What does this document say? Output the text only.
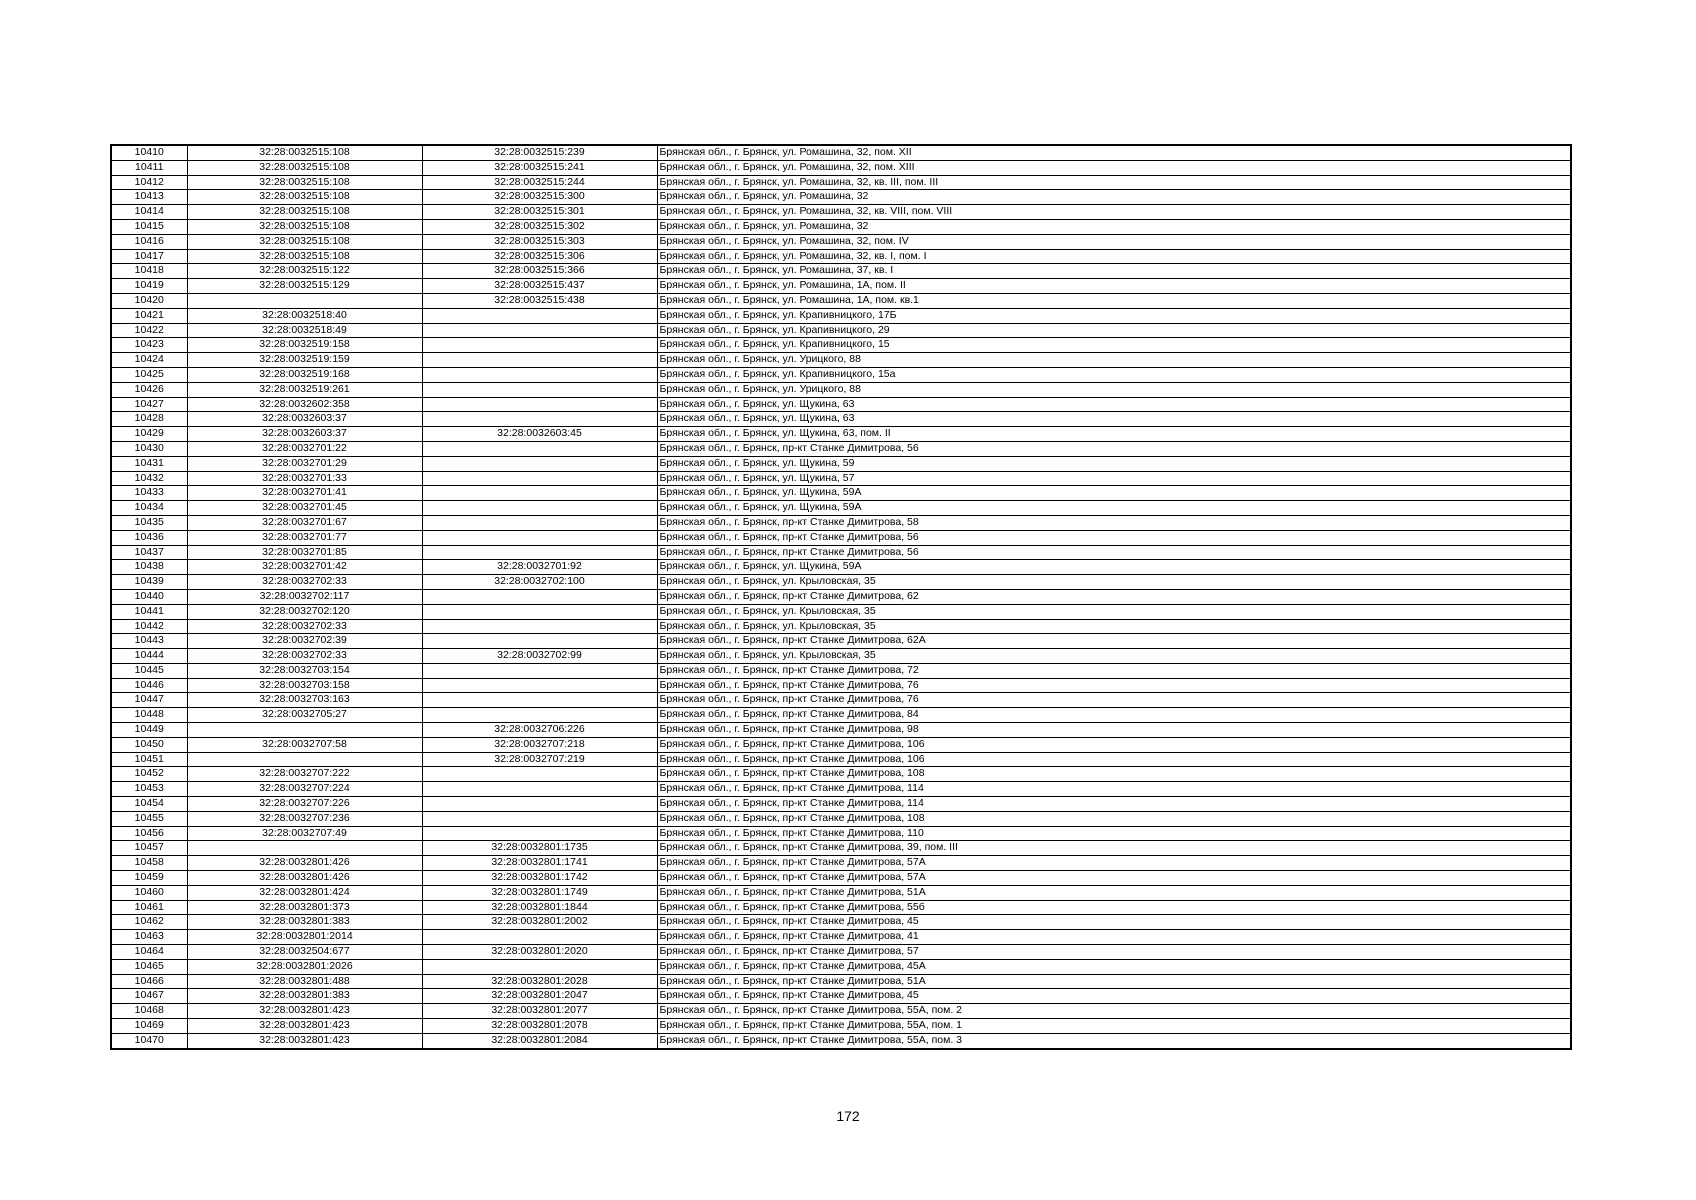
10410	32:28:0032515:108	32:28:0032515:239	Брянская обл., г. Брянск, ул. Ромашина, 32, пом. XII
10411	32:28:0032515:108	32:28:0032515:241	Брянская обл., г. Брянск, ул. Ромашина, 32, пом. XIII
10412	32:28:0032515:108	32:28:0032515:244	Брянская обл., г. Брянск, ул. Ромашина, 32, кв. III, пом. III
10413	32:28:0032515:108	32:28:0032515:300	Брянская обл., г. Брянск, ул. Ромашина, 32
10414	32:28:0032515:108	32:28:0032515:301	Брянская обл., г. Брянск, ул. Ромашина, 32, кв. VIII, пом. VIII
10415	32:28:0032515:108	32:28:0032515:302	Брянская обл., г. Брянск, ул. Ромашина, 32
10416	32:28:0032515:108	32:28:0032515:303	Брянская обл., г. Брянск, ул. Ромашина, 32, пом. IV
10417	32:28:0032515:108	32:28:0032515:306	Брянская обл., г. Брянск, ул. Ромашина, 32, кв. I, пом. I
10418	32:28:0032515:122	32:28:0032515:366	Брянская обл., г. Брянск, ул. Ромашина, 37, кв. I
10419	32:28:0032515:129	32:28:0032515:437	Брянская обл., г. Брянск, ул. Ромашина, 1А, пом. II
10420		32:28:0032515:438	Брянская обл., г. Брянск, ул. Ромашина, 1А, пом. кв.1
10421	32:28:0032518:40		Брянская обл., г. Брянск, ул. Крапивницкого, 17Б
10422	32:28:0032518:49		Брянская обл., г. Брянск, ул. Крапивницкого, 29
10423	32:28:0032519:158		Брянская обл., г. Брянск, ул. Крапивницкого, 15
10424	32:28:0032519:159		Брянская обл., г. Брянск, ул. Урицкого, 88
10425	32:28:0032519:168		Брянская обл., г. Брянск, ул. Крапивницкого, 15а
10426	32:28:0032519:261		Брянская обл., г. Брянск, ул. Урицкого, 88
10427	32:28:0032602:358		Брянская обл., г. Брянск, ул. Щукина, 63
10428	32:28:0032603:37		Брянская обл., г. Брянск, ул. Щукина, 63
10429	32:28:0032603:37	32:28:0032603:45	Брянская обл., г. Брянск, ул. Щукина, 63, пом. II
10430	32:28:0032701:22		Брянская обл., г. Брянск, пр-кт Станке Димитрова, 56
10431	32:28:0032701:29		Брянская обл., г. Брянск, ул. Щукина, 59
10432	32:28:0032701:33		Брянская обл., г. Брянск, ул. Щукина, 57
10433	32:28:0032701:41		Брянская обл., г. Брянск, ул. Щукина, 59А
10434	32:28:0032701:45		Брянская обл., г. Брянск, ул. Щукина, 59А
10435	32:28:0032701:67		Брянская обл., г. Брянск, пр-кт Станке Димитрова, 58
10436	32:28:0032701:77		Брянская обл., г. Брянск, пр-кт Станке Димитрова, 56
10437	32:28:0032701:85		Брянская обл., г. Брянск, пр-кт Станке Димитрова, 56
10438	32:28:0032701:42	32:28:0032701:92	Брянская обл., г. Брянск, ул. Щукина, 59А
10439	32:28:0032702:33	32:28:0032702:100	Брянская обл., г. Брянск, ул. Крыловская, 35
10440	32:28:0032702:117		Брянская обл., г. Брянск, пр-кт Станке Димитрова, 62
10441	32:28:0032702:120		Брянская обл., г. Брянск, ул. Крыловская, 35
10442	32:28:0032702:33		Брянская обл., г. Брянск, ул. Крыловская, 35
10443	32:28:0032702:39		Брянская обл., г. Брянск, пр-кт Станке Димитрова, 62А
10444	32:28:0032702:33	32:28:0032702:99	Брянская обл., г. Брянск, ул. Крыловская, 35
10445	32:28:0032703:154		Брянская обл., г. Брянск, пр-кт Станке Димитрова, 72
10446	32:28:0032703:158		Брянская обл., г. Брянск, пр-кт Станке Димитрова, 76
10447	32:28:0032703:163		Брянская обл., г. Брянск, пр-кт Станке Димитрова, 76
10448	32:28:0032705:27		Брянская обл., г. Брянск, пр-кт Станке Димитрова, 84
10449		32:28:0032706:226	Брянская обл., г. Брянск, пр-кт Станке Димитрова, 98
10450	32:28:0032707:58	32:28:0032707:218	Брянская обл., г. Брянск, пр-кт Станке Димитрова, 106
10451		32:28:0032707:219	Брянская обл., г. Брянск, пр-кт Станке Димитрова, 106
10452	32:28:0032707:222		Брянская обл., г. Брянск, пр-кт Станке Димитрова, 108
10453	32:28:0032707:224		Брянская обл., г. Брянск, пр-кт Станке Димитрова, 114
10454	32:28:0032707:226		Брянская обл., г. Брянск, пр-кт Станке Димитрова, 114
10455	32:28:0032707:236		Брянская обл., г. Брянск, пр-кт Станке Димитрова, 108
10456	32:28:0032707:49		Брянская обл., г. Брянск, пр-кт Станке Димитрова, 110
10457		32:28:0032801:1735	Брянская обл., г. Брянск, пр-кт Станке Димитрова, 39, пом. III
10458	32:28:0032801:426	32:28:0032801:1741	Брянская обл., г. Брянск, пр-кт Станке Димитрова, 57А
10459	32:28:0032801:426	32:28:0032801:1742	Брянская обл., г. Брянск, пр-кт Станке Димитрова, 57А
10460	32:28:0032801:424	32:28:0032801:1749	Брянская обл., г. Брянск, пр-кт Станке Димитрова, 51А
10461	32:28:0032801:373	32:28:0032801:1844	Брянская обл., г. Брянск, пр-кт Станке Димитрова, 55б
10462	32:28:0032801:383	32:28:0032801:2002	Брянская обл., г. Брянск, пр-кт Станке Димитрова, 45
10463	32:28:0032801:2014		Брянская обл., г. Брянск, пр-кт Станке Димитрова, 41
10464	32:28:0032504:677	32:28:0032801:2020	Брянская обл., г. Брянск, пр-кт Станке Димитрова, 57
10465	32:28:0032801:2026		Брянская обл., г. Брянск, пр-кт Станке Димитрова, 45А
10466	32:28:0032801:488	32:28:0032801:2028	Брянская обл., г. Брянск, пр-кт Станке Димитрова, 51А
10467	32:28:0032801:383	32:28:0032801:2047	Брянская обл., г. Брянск, пр-кт Станке Димитрова, 45
10468	32:28:0032801:423	32:28:0032801:2077	Брянская обл., г. Брянск, пр-кт Станке Димитрова, 55А, пом. 2
10469	32:28:0032801:423	32:28:0032801:2078	Брянская обл., г. Брянск, пр-кт Станке Димитрова, 55А, пом. 1
10470	32:28:0032801:423	32:28:0032801:2084	Брянская обл., г. Брянск, пр-кт Станке Димитрова, 55А, пом. 3
172
